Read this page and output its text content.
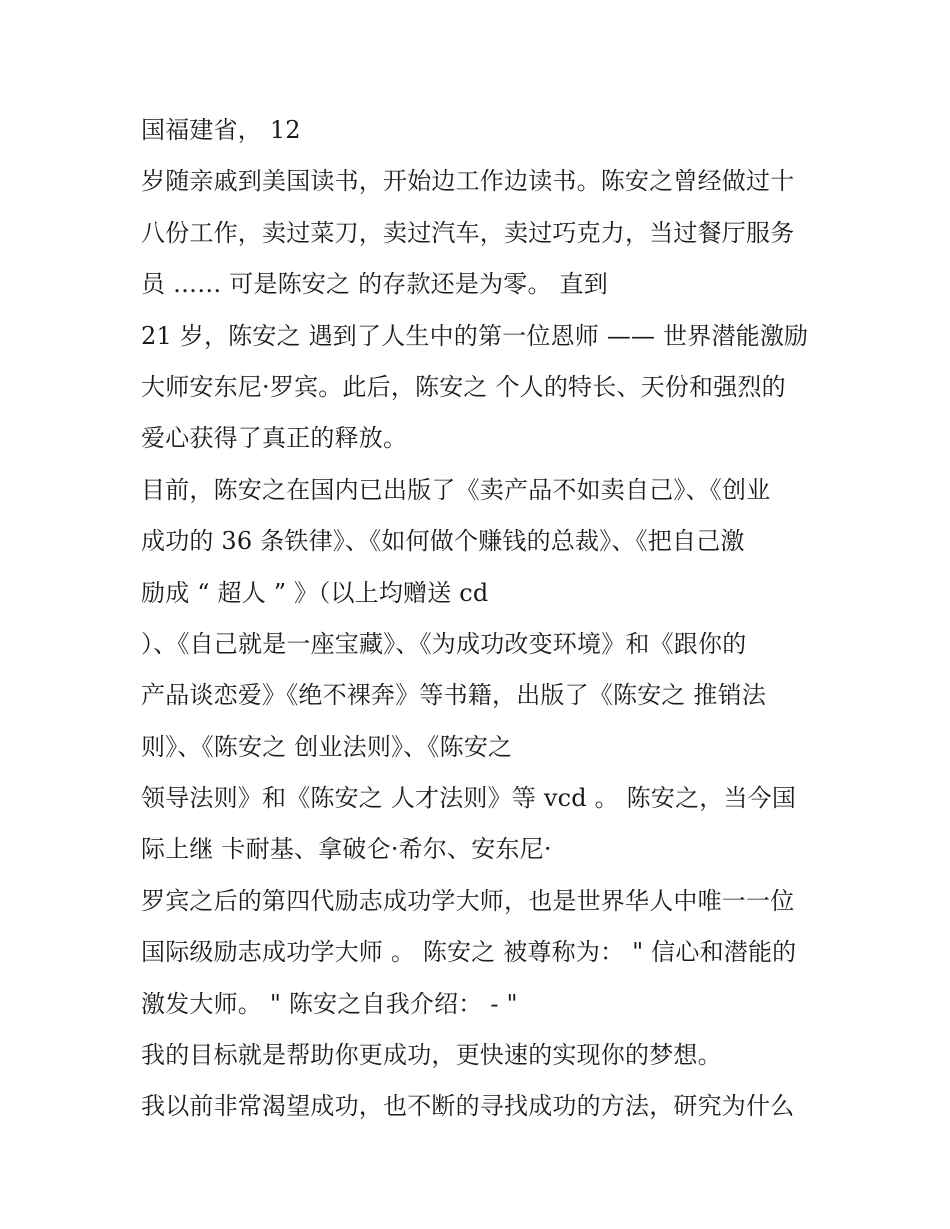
国福建省， 12
岁随亲戚到美国读书，开始边工作边读书。陈安之曾经做过十
八份工作，卖过菜刀，卖过汽车，卖过巧克力，当过餐厅服务
员 …… 可是陈安之 的存款还是为零。 直到
21 岁，陈安之 遇到了人生中的第一位恩师 —— 世界潜能激励
大师安东尼·罗宾。此后，陈安之 个人的特长、天份和强烈的
爱心获得了真正的释放。
目前，陈安之在国内已出版了《卖产品不如卖自己》、《创业
成功的 36 条铁律》、《如何做个赚钱的总裁》、《把自己激
励成 “ 超人 ” 》（以上均赠送 cd
）、《自己就是一座宝藏》、《为成功改变环境》和《跟你的
产品谈恋爱》《绝不裸奔》等书籍，出版了《陈安之 推销法
则》、《陈安之 创业法则》、《陈安之
领导法则》和《陈安之 人才法则》等 vcd 。 陈安之，当今国
际上继 卡耐基、拿破仑·希尔、安东尼·
罗宾之后的第四代励志成功学大师，也是世界华人中唯一一位
国际级励志成功学大师 。 陈安之 被尊称为： " 信心和潜能的
激发大师。 " 陈安之自我介绍： - "
我的目标就是帮助你更成功，更快速的实现你的梦想。
我以前非常渴望成功，也不断的寻找成功的方法，研究为什么
